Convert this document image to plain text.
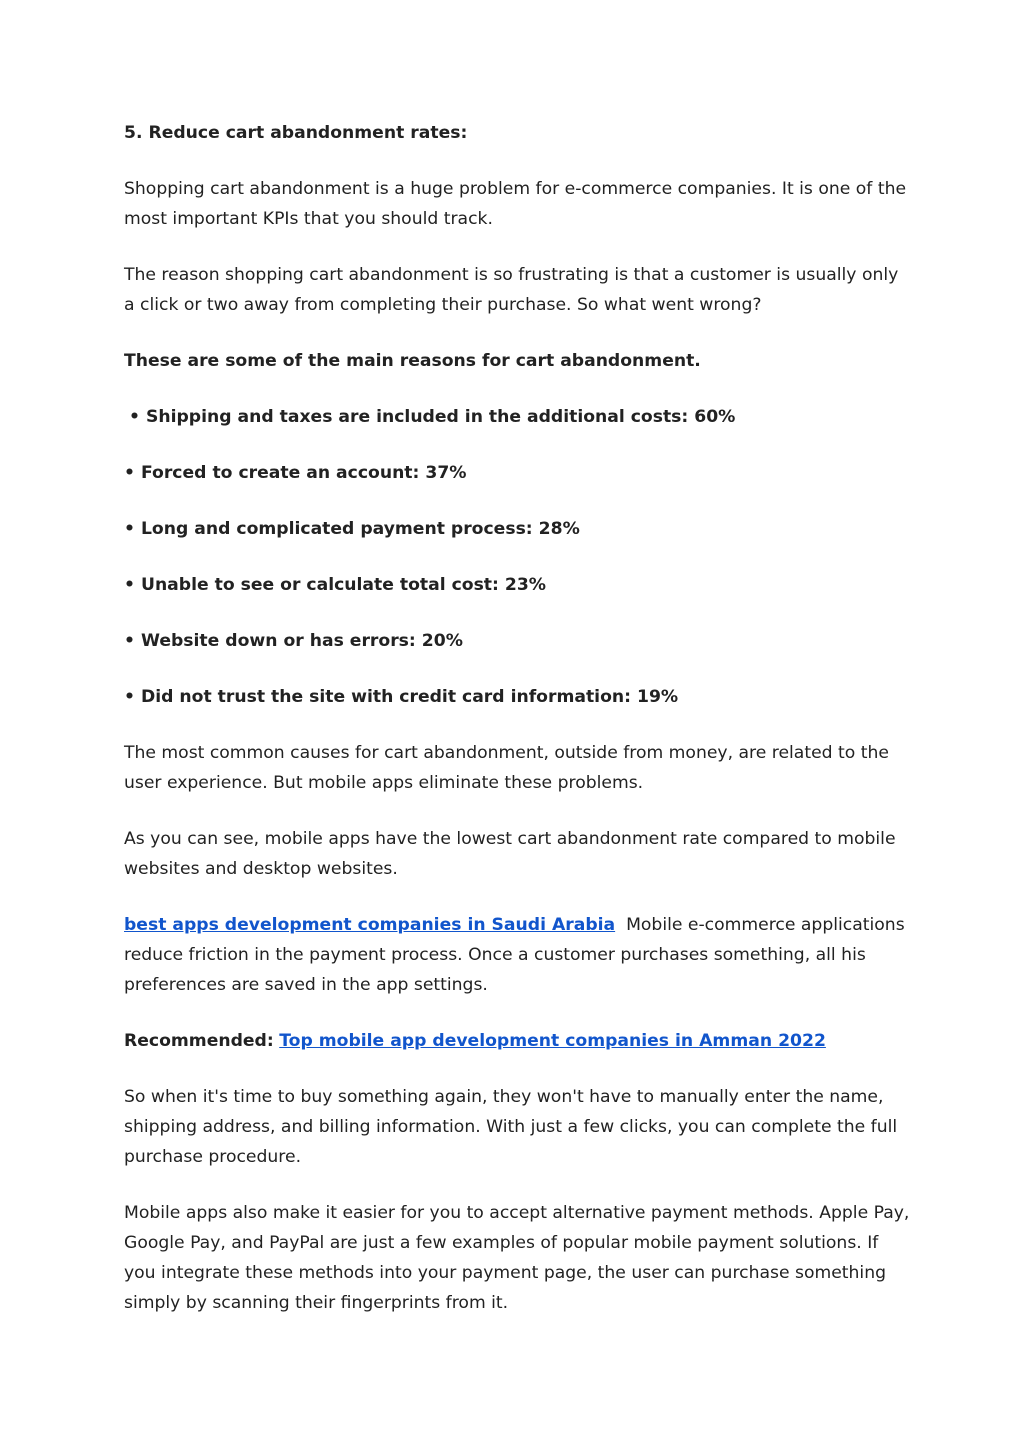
5. Reduce cart abandonment rates:

Shopping cart abandonment is a huge problem for e-commerce companies. It is one of the most important KPIs that you should track.

The reason shopping cart abandonment is so frustrating is that a customer is usually only a click or two away from completing their purchase. So what went wrong?

These are some of the main reasons for cart abandonment.

• Shipping and taxes are included in the additional costs: 60%

• Forced to create an account: 37%

• Long and complicated payment process: 28%

• Unable to see or calculate total cost: 23%

• Website down or has errors: 20%

• Did not trust the site with credit card information: 19%

The most common causes for cart abandonment, outside from money, are related to the user experience. But mobile apps eliminate these problems.

As you can see, mobile apps have the lowest cart abandonment rate compared to mobile websites and desktop websites.

best apps development companies in Saudi Arabia Mobile e-commerce applications reduce friction in the payment process. Once a customer purchases something, all his preferences are saved in the app settings.

Recommended: Top mobile app development companies in Amman 2022

So when it's time to buy something again, they won't have to manually enter the name, shipping address, and billing information. With just a few clicks, you can complete the full purchase procedure.

Mobile apps also make it easier for you to accept alternative payment methods. Apple Pay, Google Pay, and PayPal are just a few examples of popular mobile payment solutions. If you integrate these methods into your payment page, the user can purchase something simply by scanning their fingerprints from it.
